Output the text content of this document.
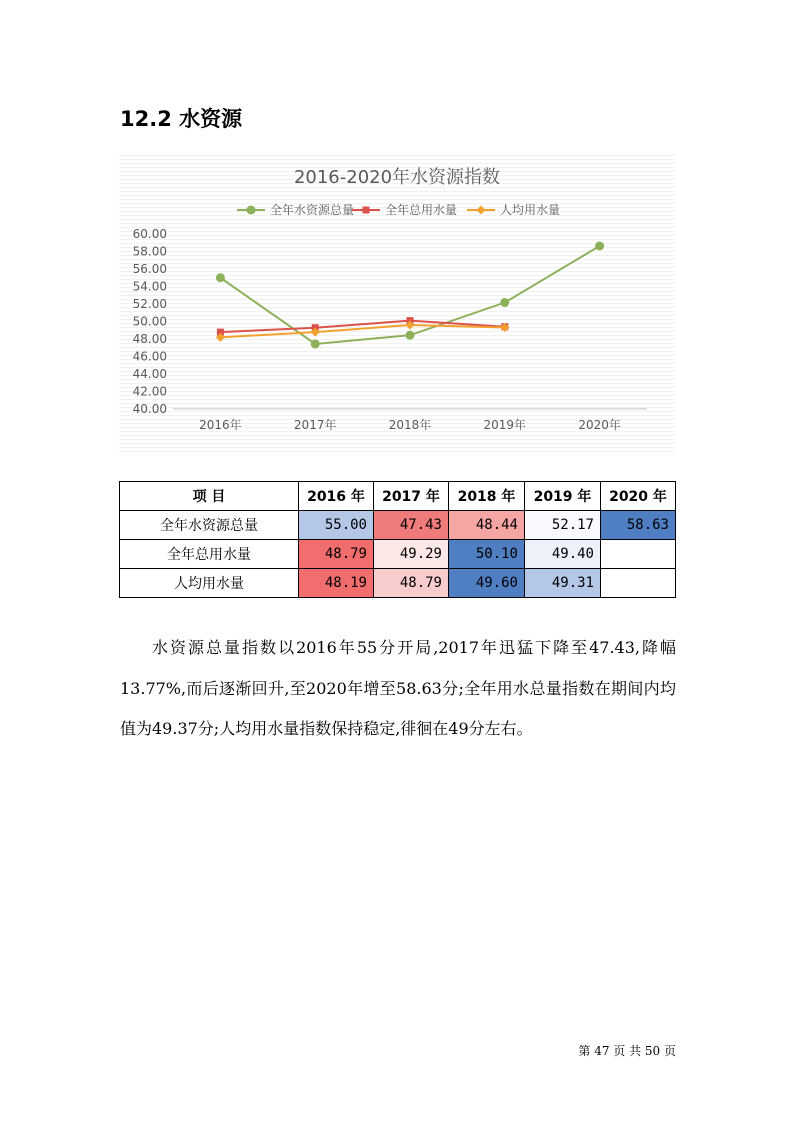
12.2 水资源
2016-2020年水资源指数
全年水资源总量	全年总用水量	人均用水量
60.00
58.00
56.00
54.00
52.00
50.00
48.00
46.00
44.00
42.00
40.00
2016年	2017年	2018年	2019年	2020年
项 目	2016 年	2017 年	2018 年	2019 年	2020 年
全年水资源总量	55.00	47.43	48.44	52.17	58.63
全年总用水量	48.79	49.29	50.10	49.40	
人均用水量	48.19	48.79	49.60	49.31	

水资源总量指数以2016年55分开局,2017年迅猛下降至47.43,降幅13.77%,而后逐渐回升,至2020年增至58.63分;全年用水总量指数在期间内均值为49.37分;人均用水量指数保持稳定,徘徊在49分左右。

第 47 页 共 50 页
